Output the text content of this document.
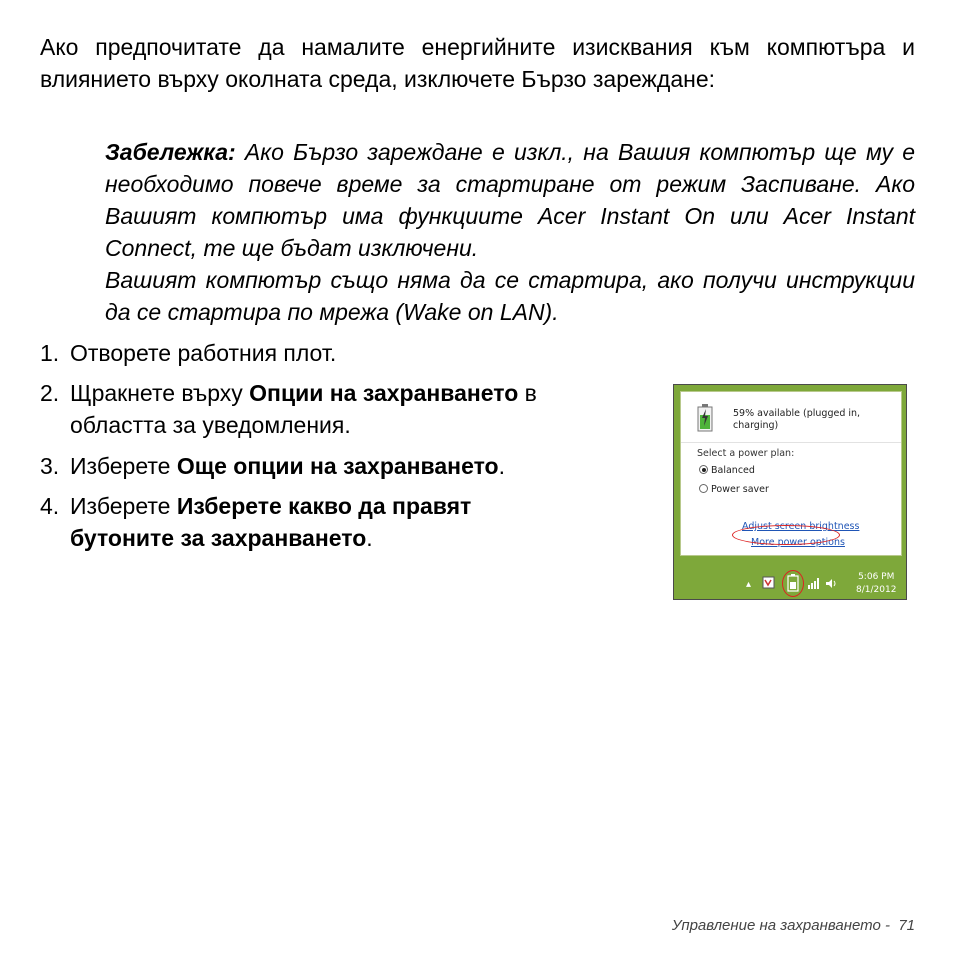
Ако предпочитате да намалите енергийните изисквания към компютъра и влиянието върху околната среда, изключете Бързо зареждане:

Забележка: Ако Бързо зареждане е изкл., на Вашия компютър ще му е необходимо повече време за стартиране от режим Заспиване. Ако Вашият компютър има функциите Acer Instant On или Acer Instant Connect, те ще бъдат изключени.

Вашият компютър също няма да се стартира, ако получи инструкции да се стартира по мрежа (Wake on LAN).

1. Отворете работния плот.
2. Щракнете върху Опции на захранването в
областта за уведомления.
3. Изберете Още опции на захранването.
4. Изберете Изберете какво да правят
бутоните за захранването.
59% available (plugged in,
charging)
Select a power plan:
Balanced
Power saver
Adjust screen brightness
More power options
▴
5:06 PM
8/1/2012
Управление на захранването - 71
